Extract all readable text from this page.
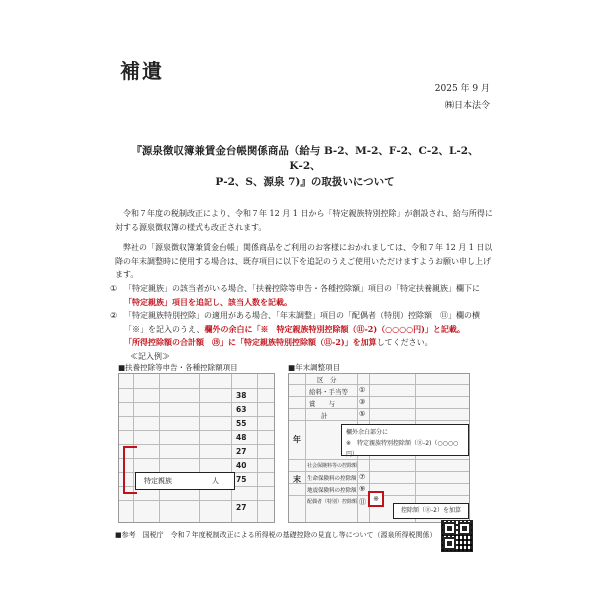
補遺
2025 年 9 月
㈱日本法令
『源泉徴収簿兼賃金台帳関係商品（給与 B‑2、M‑2、F‑2、C‑2、L‑2、K‑2、
P‑2、S、源泉 7)』の取扱いについて
令和７年度の税制改正により、令和７年 12 月 1 日から「特定親族特別控除」が創設され、給与所得に対する源泉徴収簿の様式も改正されます。
弊社の「源泉徴収簿兼賃金台帳」関係商品をご利用のお客様におかれましては、令和７年 12 月 1 日以降の年末調整時に使用する場合は、既存項目に以下を追記のうえご使用いただけますようお願い申し上げます。
① 「特定親族」の該当者がいる場合、「扶養控除等申告・各種控除額」項目の「特定扶養親族」欄下に
「特定親族」項目を追記し、該当人数を記載。
② 「特定親族特別控除」の適用がある場合、「年末調整」項目の「配偶者（特別）控除額　⑪」欄の横
「※」を記入のうえ、欄外の余白に「※　特定親族特別控除額（⑪‑2)（○○○○円)」と記載。
「所得控除額の合計額　⑲」に「特定親族特別控除額（⑪‑2)」を加算してください。
≪記入例≫
■扶養控除等申告・各種控除額項目	■年末調整項目
38
63
55
48
27
40
75
27
特定親族	人
区　分
給料・手当等
賞　　与
計
社会保険料等の控除額
生命保険料の控除額
地震保険料の控除額
配偶者（特別）控除額
①
③
⑤
⑦
⑨
⑪
年
末
欄外余白部分に
※　特定親族特別控除額（⑪‑2)（○○○○円）
※
控除額（⑪‑2）を加算
■参考　国税庁　令和７年度税制改正による所得税の基礎控除の見直し等について（源泉所得税関係）
